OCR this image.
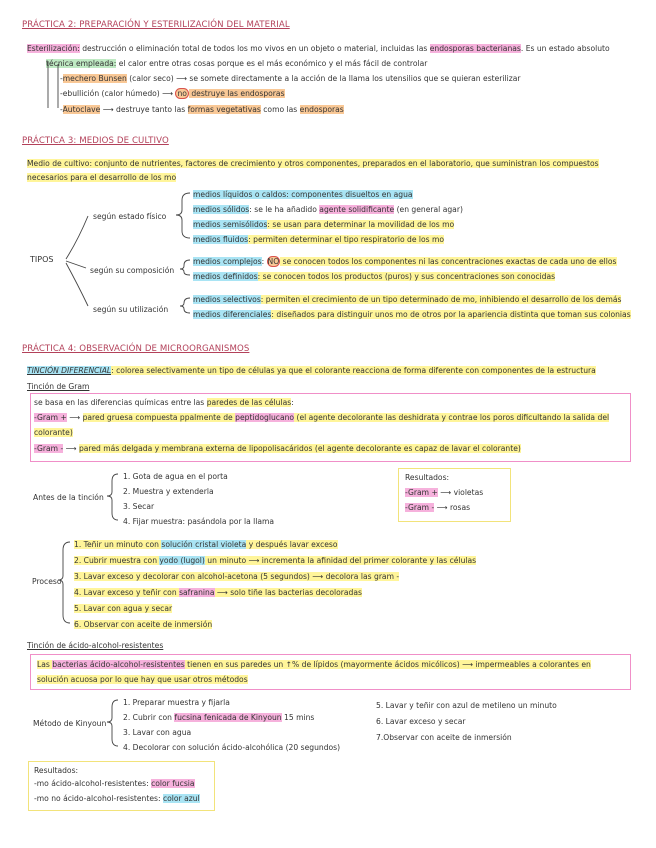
PRÁCTICA 2: PREPARACIÓN Y ESTERILIZACIÓN DEL MATERIAL
Esterilización: destrucción o eliminación total de todos los mo vivos en un objeto o material, incluidas las endosporas bacterianas. Es un estado absoluto
técnica empleada: el calor entre otras cosas porque es el más económico y el más fácil de controlar
-mechero Bunsen (calor seco) ⟶ se somete directamente a la acción de la llama los utensilios que se quieran esterilizar
-ebullición (calor húmedo) ⟶ no destruye las endosporas
-Autoclave ⟶ destruye tanto las formas vegetativas como las endosporas
PRÁCTICA 3: MEDIOS DE CULTIVO
Medio de cultivo: conjunto de nutrientes, factores de crecimiento y otros componentes, preparados en el laboratorio, que suministran los compuestos
necesarios para el desarrollo de los mo
TIPOS
según estado físico
según su composición
según su utilización
medios líquidos o caldos: componentes disueltos en agua
medios sólidos: se le ha añadido agente solidificante (en general agar)
medios semisólidos: se usan para determinar la movilidad de los mo
medios fluidos: permiten determinar el tipo respiratorio de los mo
medios complejos: NO se conocen todos los componentes ni las concentraciones exactas de cada uno de ellos
medios definidos: se conocen todos los productos (puros) y sus concentraciones son conocidas
medios selectivos: permiten el crecimiento de un tipo determinado de mo, inhibiendo el desarrollo de los demás
medios diferenciales: diseñados para distinguir unos mo de otros por la apariencia distinta que toman sus colonias
PRÁCTICA 4: OBSERVACIÓN DE MICROORGANISMOS
TINCIÓN DIFERENCIAL: colorea selectivamente un tipo de células ya que el colorante reacciona de forma diferente con componentes de la estructura
Tinción de Gram
se basa en las diferencias químicas entre las paredes de las células:
-Gram + ⟶ pared gruesa compuesta ppalmente de peptidoglucano (el agente decolorante las deshidrata y contrae los poros dificultando la salida del
colorante)
-Gram - ⟶ pared más delgada y membrana externa de lipopolisacáridos (el agente decolorante es capaz de lavar el colorante)
Antes de la tinción
1. Gota de agua en el porta
2. Muestra y extenderla
3. Secar
4. Fijar muestra: pasándola por la llama
Resultados:
-Gram + ⟶ violetas
-Gram - ⟶ rosas
Proceso
1. Teñir un minuto con solución cristal violeta y después lavar exceso
2. Cubrir muestra con yodo (lugol) un minuto ⟶ incrementa la afinidad del primer colorante y las células
3. Lavar exceso y decolorar con alcohol-acetona (5 segundos) ⟶ decolora las gram -
4. Lavar exceso y teñir con safranina ⟶ solo tiñe las bacterias decoloradas
5. Lavar con agua y secar
6. Observar con aceite de inmersión
Tinción de ácido-alcohol-resistentes
Las bacterias ácido-alcohol-resistentes tienen en sus paredes un ↑% de lípidos (mayormente ácidos micólicos) ⟶ impermeables a colorantes en
solución acuosa por lo que hay que usar otros métodos
Método de Kinyoun
1. Preparar muestra y fijarla
2. Cubrir con fucsina fenicada de Kinyoun 15 mins
3. Lavar con agua
4. Decolorar con solución ácido-alcohólica (20 segundos)
5. Lavar y teñir con azul de metileno un minuto
6. Lavar exceso y secar
7.Observar con aceite de inmersión
Resultados:
-mo ácido-alcohol-resistentes: color fucsia
-mo no ácido-alcohol-resistentes: color azul
